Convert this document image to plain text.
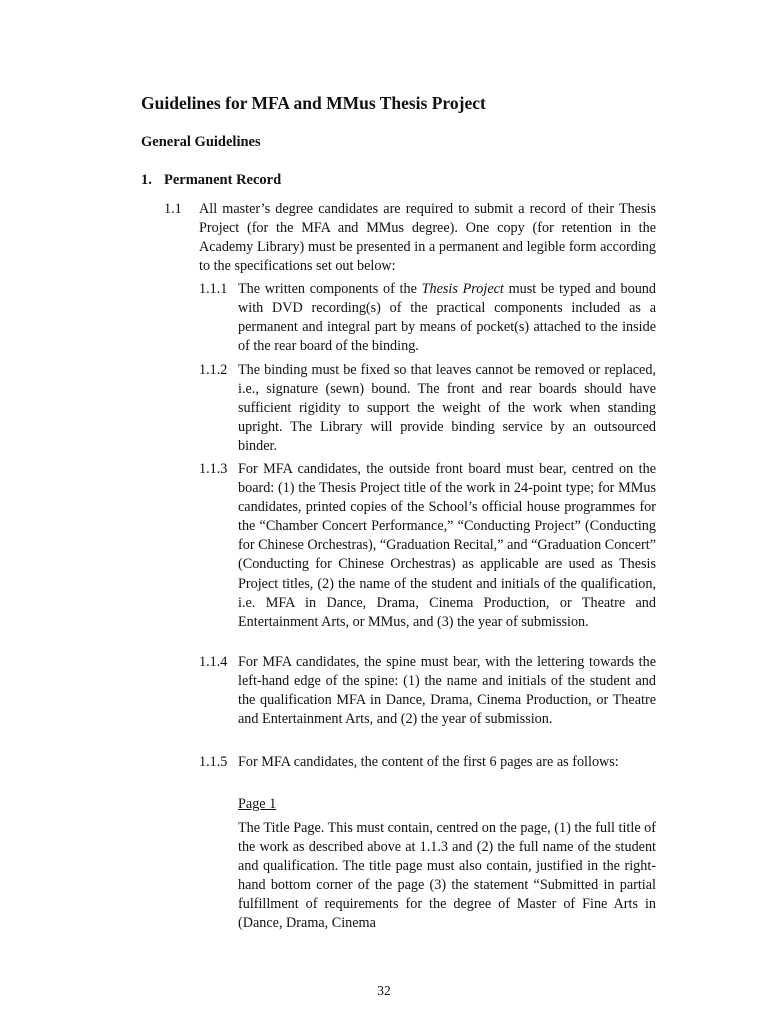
Guidelines for MFA and MMus Thesis Project
General Guidelines
1. Permanent Record
1.1 All master’s degree candidates are required to submit a record of their Thesis Project (for the MFA and MMus degree). One copy (for retention in the Academy Library) must be presented in a permanent and legible form according to the specifications set out below:
1.1.1 The written components of the Thesis Project must be typed and bound with DVD recording(s) of the practical components included as a permanent and integral part by means of pocket(s) attached to the inside of the rear board of the binding.
1.1.2 The binding must be fixed so that leaves cannot be removed or replaced, i.e., signature (sewn) bound. The front and rear boards should have sufficient rigidity to support the weight of the work when standing upright. The Library will provide binding service by an outsourced binder.
1.1.3 For MFA candidates, the outside front board must bear, centred on the board: (1) the Thesis Project title of the work in 24-point type; for MMus candidates, printed copies of the School’s official house programmes for the “Chamber Concert Performance,” “Conducting Project” (Conducting for Chinese Orchestras), “Graduation Recital,” and “Graduation Concert” (Conducting for Chinese Orchestras) as applicable are used as Thesis Project titles, (2) the name of the student and initials of the qualification, i.e. MFA in Dance, Drama, Cinema Production, or Theatre and Entertainment Arts, or MMus, and (3) the year of submission.
1.1.4 For MFA candidates, the spine must bear, with the lettering towards the left-hand edge of the spine: (1) the name and initials of the student and the qualification MFA in Dance, Drama, Cinema Production, or Theatre and Entertainment Arts, and (2) the year of submission.
1.1.5 For MFA candidates, the content of the first 6 pages are as follows:
Page 1
The Title Page. This must contain, centred on the page, (1) the full title of the work as described above at 1.1.3 and (2) the full name of the student and qualification. The title page must also contain, justified in the right-hand bottom corner of the page (3) the statement “Submitted in partial fulfillment of requirements for the degree of Master of Fine Arts in (Dance, Drama, Cinema
32
